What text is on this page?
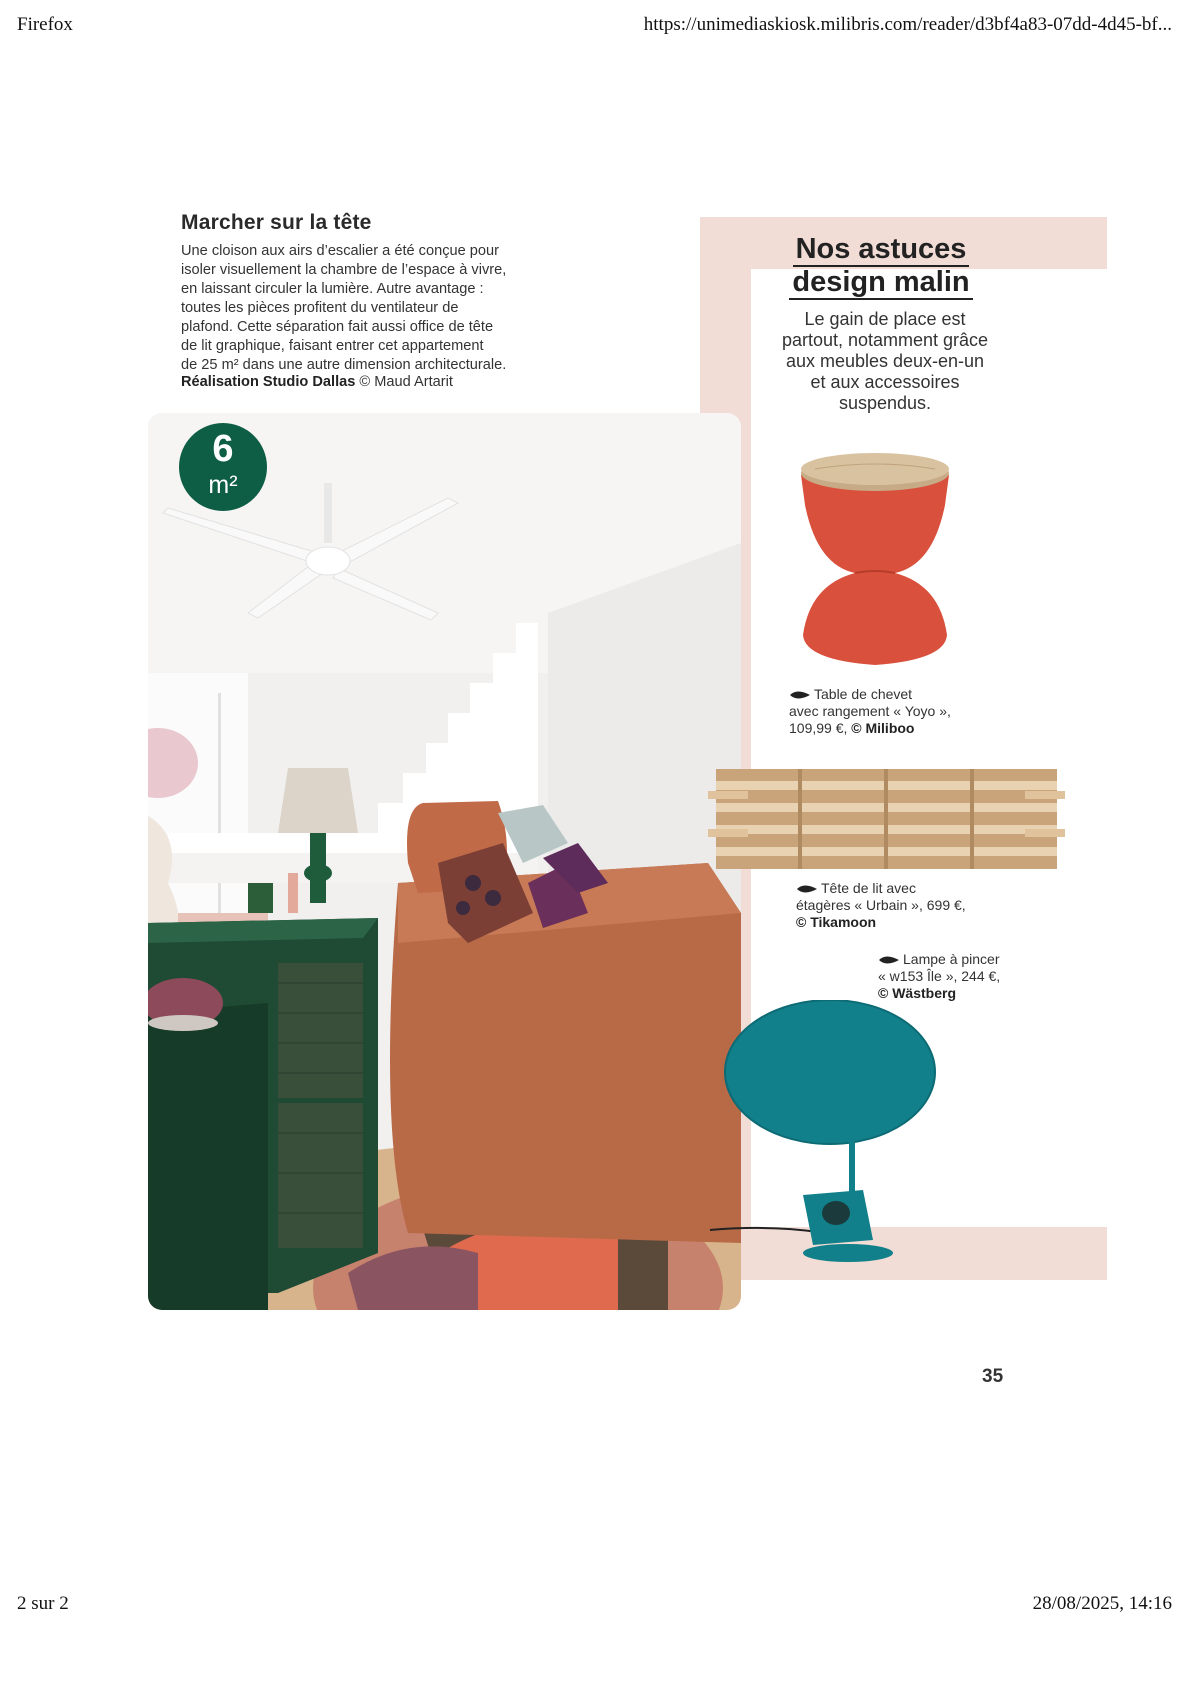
Firefox	https://unimediaskiosk.milibris.com/reader/d3bf4a83-07dd-4d45-bf...
2 sur 2	28/08/2025, 14:16
Marcher sur la tête
Une cloison aux airs d’escalier a été conçue pour
isoler visuellement la chambre de l’espace à vivre,
en laissant circuler la lumière. Autre avantage :
toutes les pièces profitent du ventilateur de
plafond. Cette séparation fait aussi office de tête
de lit graphique, faisant entrer cet appartement
de 25 m² dans une autre dimension architecturale.
Réalisation Studio Dallas © Maud Artarit
6
m²
Nos astuces
design malin
Le gain de place est
partout, notamment grâce
aux meubles deux-en-un
et aux accessoires
suspendus.
Table de chevet
avec rangement « Yoyo »,
109,99 €, © Miliboo
Tête de lit avec
étagères « Urbain », 699 €,
© Tikamoon
Lampe à pincer
« w153 Île », 244 €,
© Wästberg
35
